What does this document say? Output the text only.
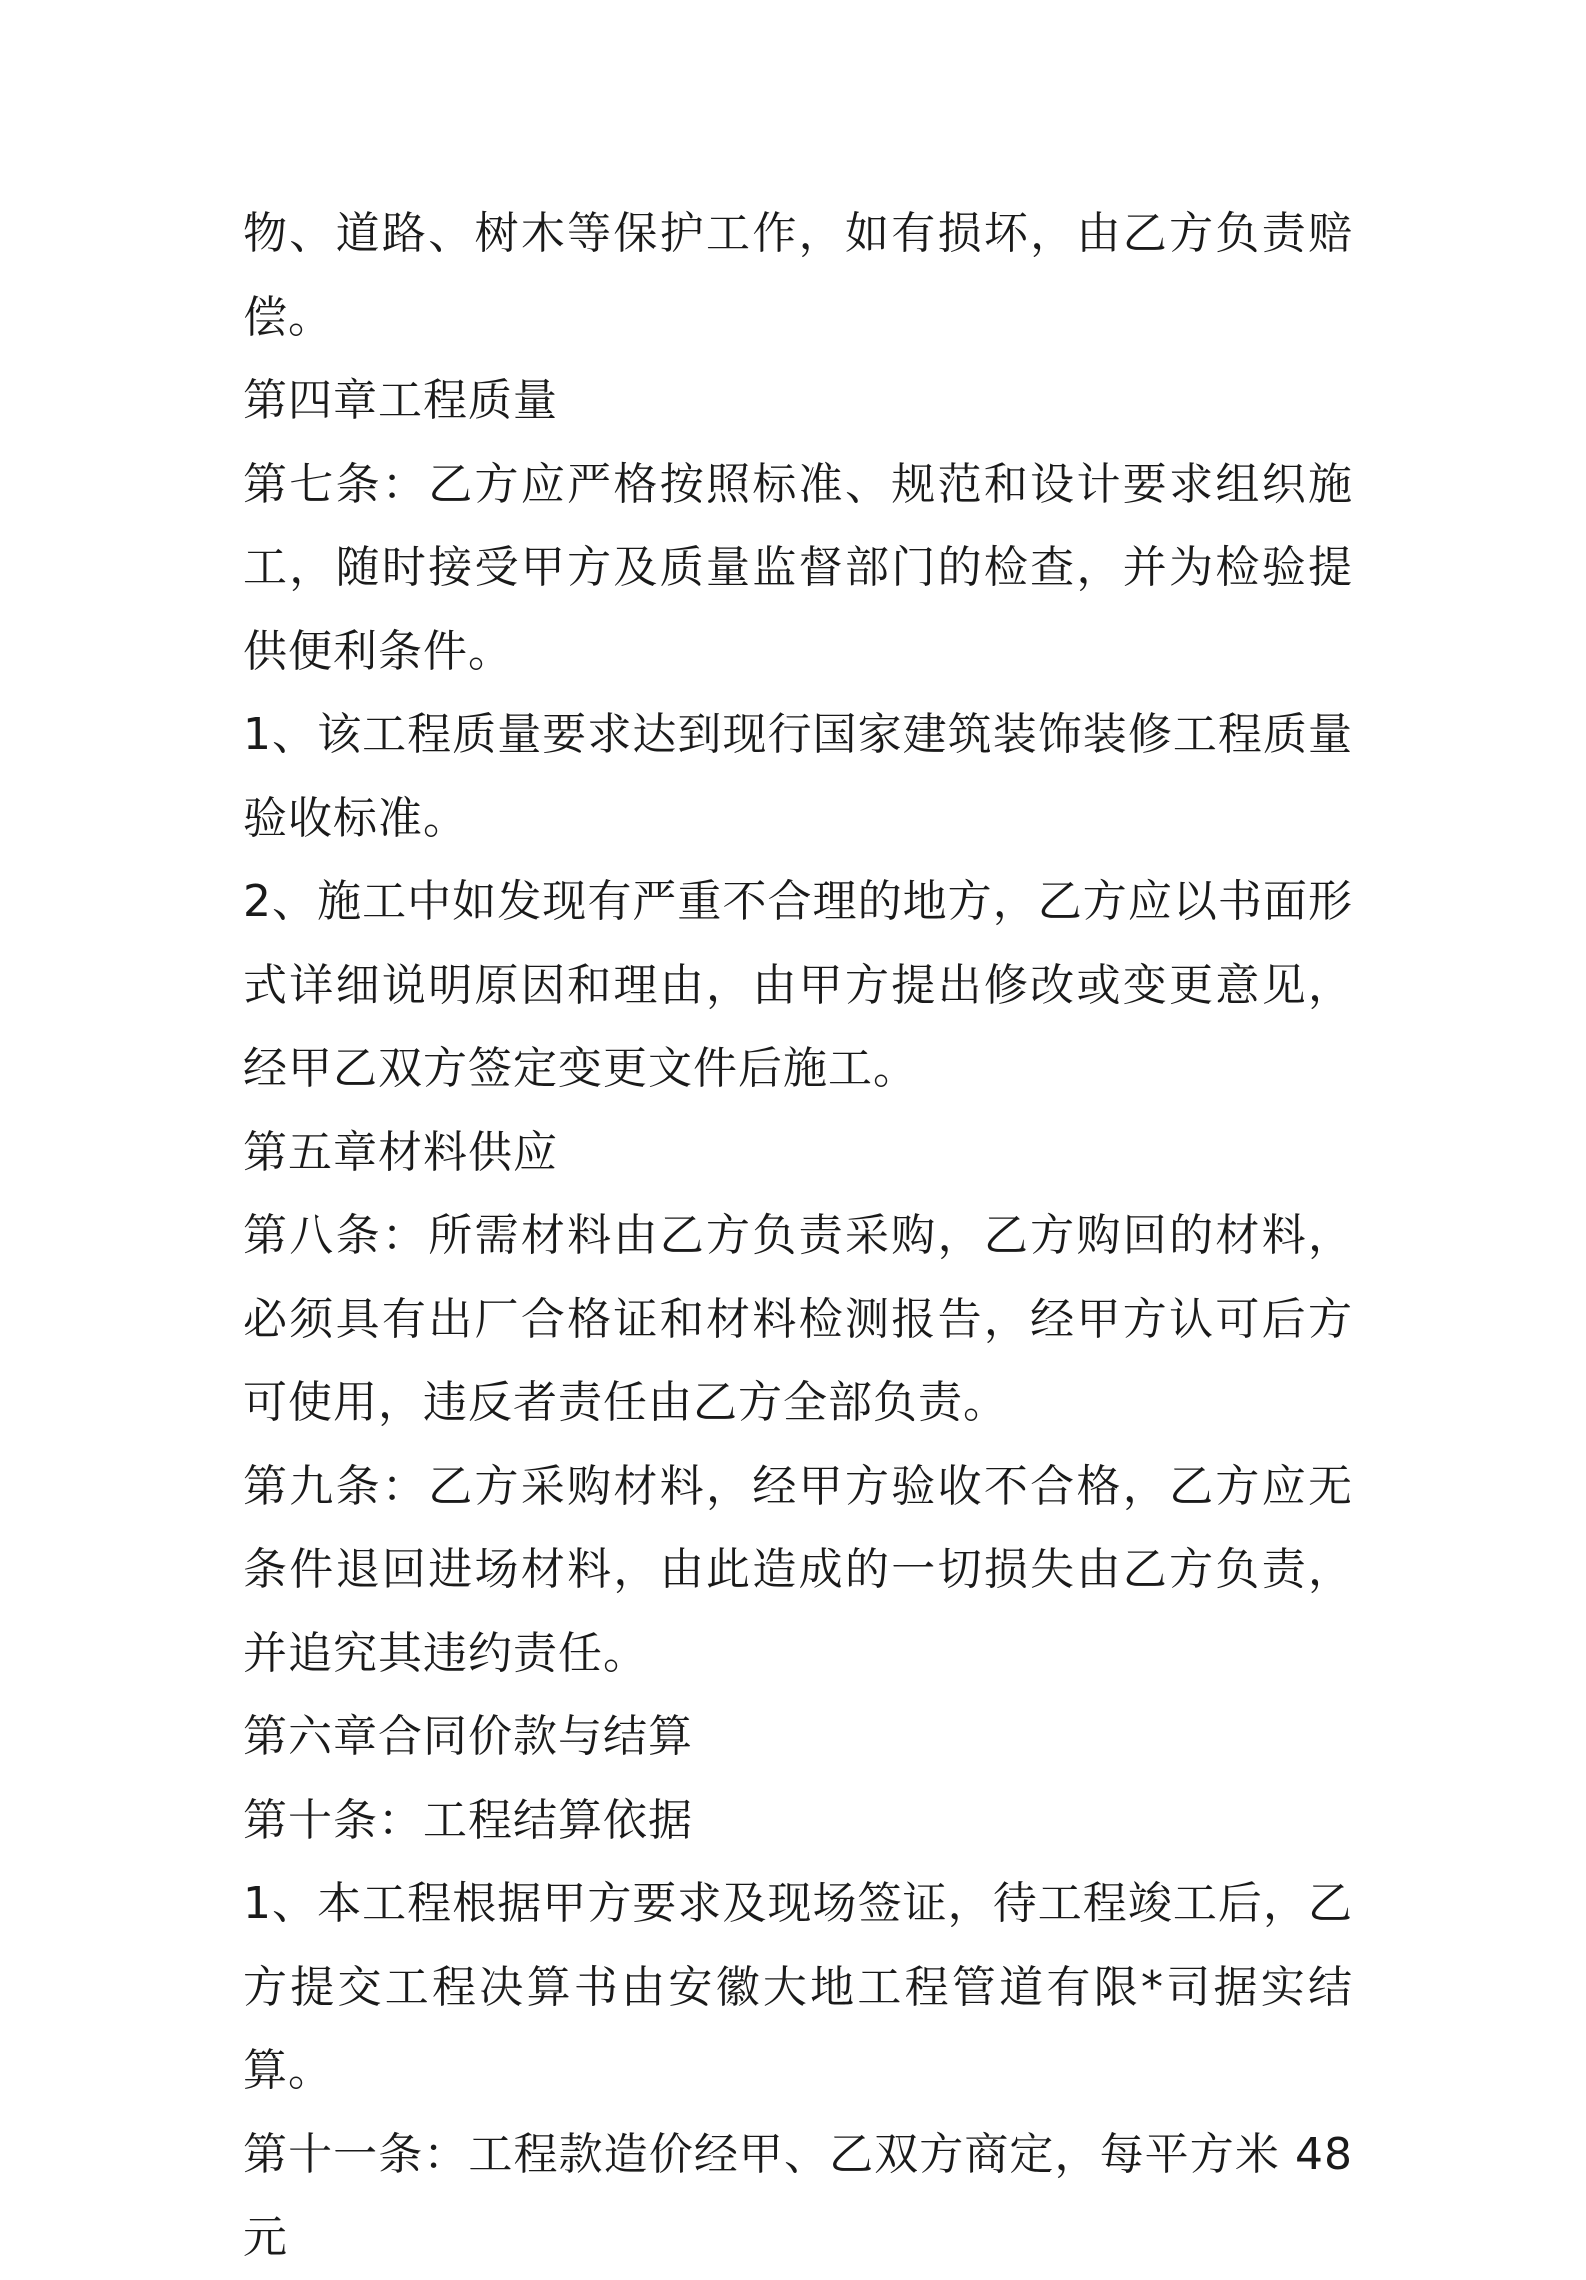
物、道路、树木等保护工作，如有损坏，由乙方负责赔偿。

第四章工程质量

第七条：乙方应严格按照标准、规范和设计要求组织施工，随时接受甲方及质量监督部门的检查，并为检验提供便利条件。

1、该工程质量要求达到现行国家建筑装饰装修工程质量验收标准。

2、施工中如发现有严重不合理的地方，乙方应以书面形式详细说明原因和理由，由甲方提出修改或变更意见，经甲乙双方签定变更文件后施工。

第五章材料供应

第八条：所需材料由乙方负责采购，乙方购回的材料，必须具有出厂合格证和材料检测报告，经甲方认可后方可使用，违反者责任由乙方全部负责。

第九条：乙方采购材料，经甲方验收不合格，乙方应无条件退回进场材料，由此造成的一切损失由乙方负责，并追究其违约责任。

第六章合同价款与结算

第十条：工程结算依据

1、本工程根据甲方要求及现场签证，待工程竣工后，乙方提交工程决算书由安徽大地工程管道有限*司据实结算。

第十一条：工程款造价经甲、乙双方商定，每平方米 48 元
